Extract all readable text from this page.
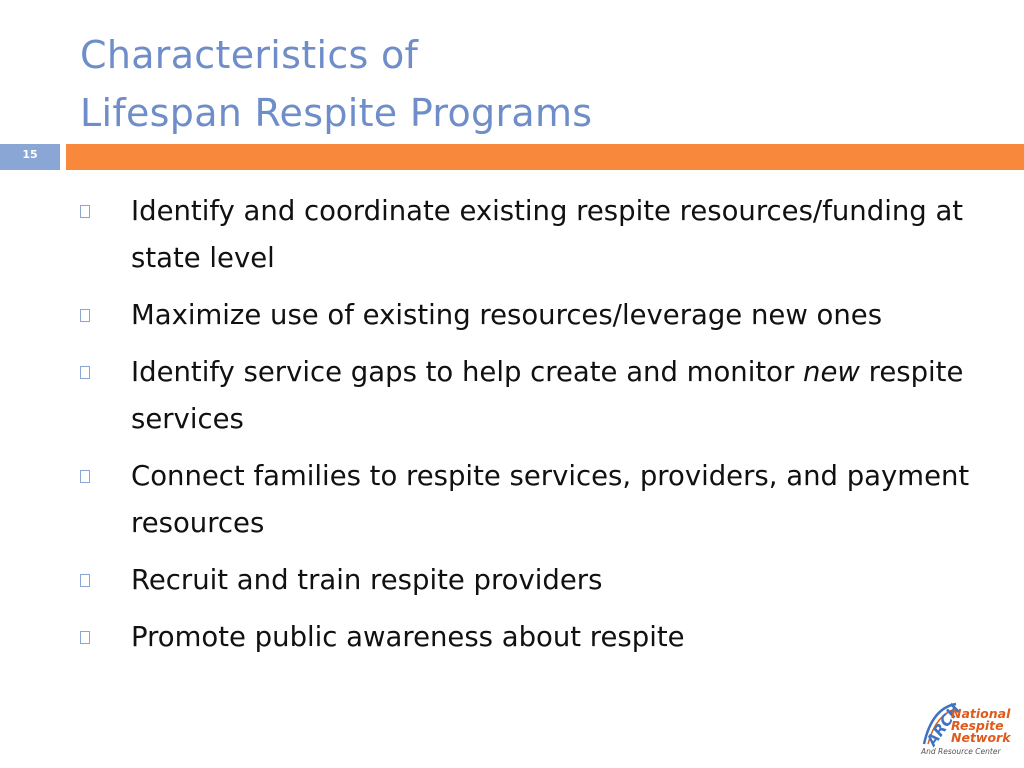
Characteristics of
Lifespan Respite Programs
15
Identify and coordinate existing respite resources/funding at state level
Maximize use of existing resources/leverage new ones
Identify service gaps to help create and monitor new respite services
Connect families to respite services, providers, and payment resources
Recruit and train respite providers
Promote public awareness about respite
ARCH
National
Respite
Network
And Resource Center
